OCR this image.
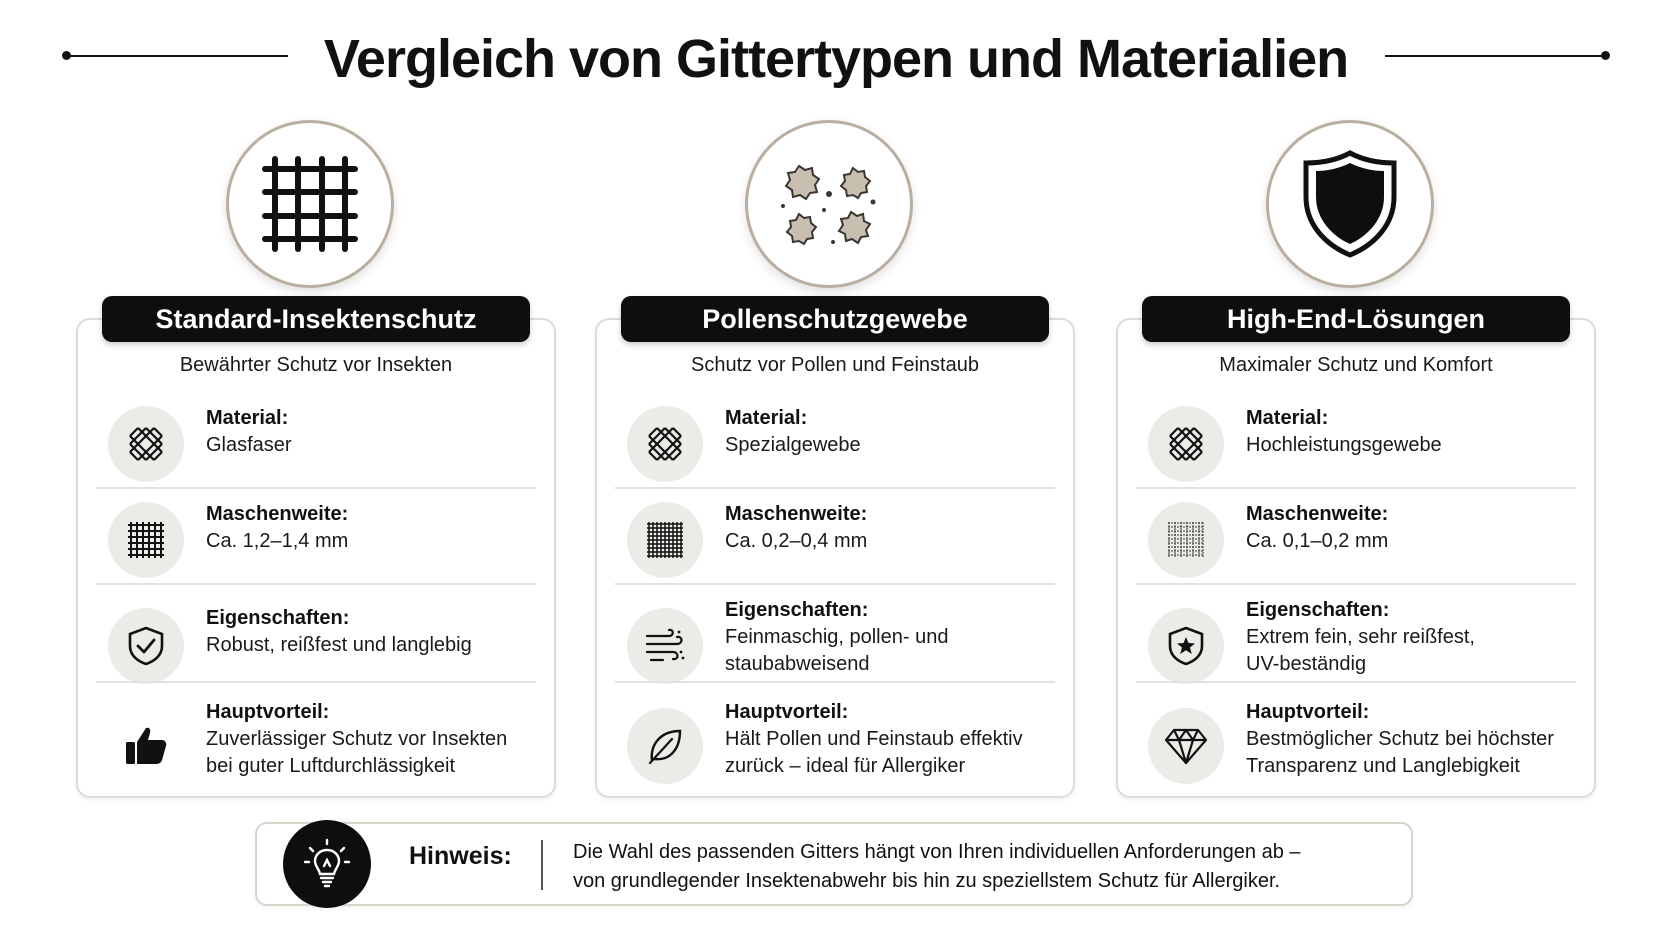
Vergleich von Gittertypen und Materialien
Standard-Insektenschutz
Bewährter Schutz vor Insekten
Material:
Glasfaser
Maschenweite:
Ca. 1,2–1,4 mm
Eigenschaften:
Robust, reißfest und langlebig
Hauptvorteil:
Zuverlässiger Schutz vor Insekten
bei guter Luftdurchlässigkeit
Pollenschutzgewebe
Schutz vor Pollen und Feinstaub
Material:
Spezialgewebe
Maschenweite:
Ca. 0,2–0,4 mm
Eigenschaften:
Feinmaschig, pollen- und
staubabweisend
Hauptvorteil:
Hält Pollen und Feinstaub effektiv
zurück – ideal für Allergiker
High-End-Lösungen
Maximaler Schutz und Komfort
Material:
Hochleistungsgewebe
Maschenweite:
Ca. 0,1–0,2 mm
Eigenschaften:
Extrem fein, sehr reißfest,
UV-beständig
Hauptvorteil:
Bestmöglicher Schutz bei höchster
Transparenz und Langlebigkeit
Hinweis:	Die Wahl des passenden Gitters hängt von Ihren individuellen Anforderungen ab –
von grundlegender Insektenabwehr bis hin zu speziellstem Schutz für Allergiker.
